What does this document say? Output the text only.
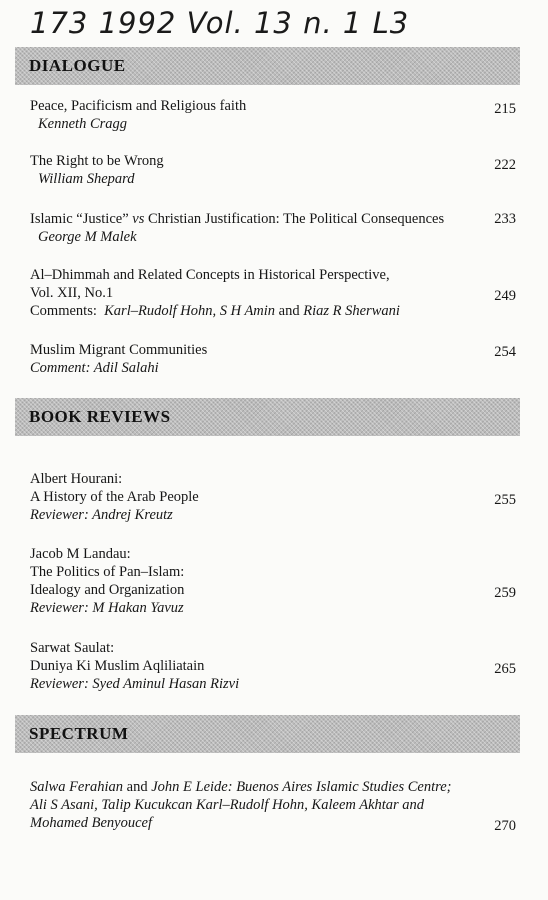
173 1992 Vol. 13 n. 1 L3
DIALOGUE
Peace, Pacificism and Religious faith
Kenneth Cragg
215
The Right to be Wrong
William Shepard
222
Islamic “Justice” vs Christian Justification: The Political Consequences
George M Malek
233
Al–Dhimmah and Related Concepts in Historical Perspective,
Vol. XII, No.1
Comments: Karl–Rudolf Hohn, S H Amin and Riaz R Sherwani
249
Muslim Migrant Communities
Comment: Adil Salahi
254
BOOK REVIEWS
Albert Hourani:
A History of the Arab People
Reviewer: Andrej Kreutz
255
Jacob M Landau:
The Politics of Pan–Islam:
Idealogy and Organization
Reviewer: M Hakan Yavuz
259
Sarwat Saulat:
Duniya Ki Muslim Aqliliatain
Reviewer: Syed Aminul Hasan Rizvi
265
SPECTRUM
Salwa Ferahian and John E Leide: Buenos Aires Islamic Studies Centre;
Ali S Asani, Talip Kucukcan Karl–Rudolf Hohn, Kaleem Akhtar and
Mohamed Benyoucef	270
